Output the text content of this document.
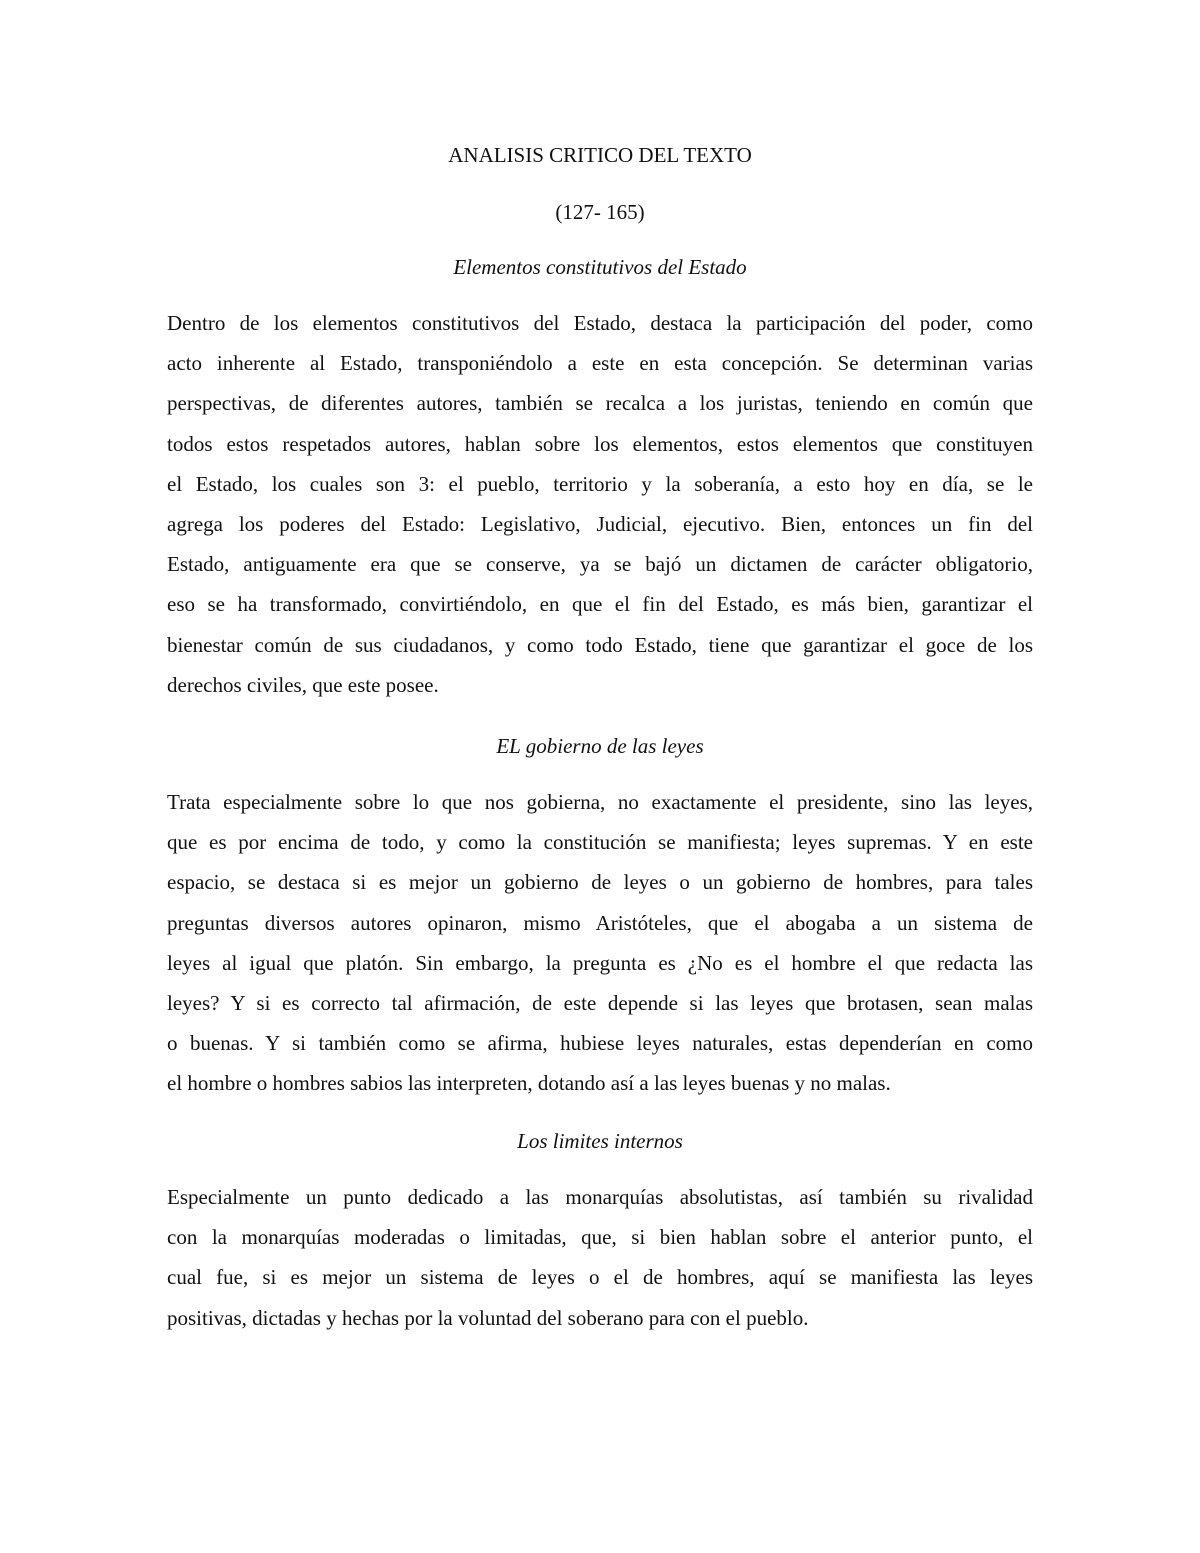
ANALISIS CRITICO DEL TEXTO

(127- 165)

Elementos constitutivos del Estado

Dentro de los elementos constitutivos del Estado, destaca la participación del poder, como
acto inherente al Estado, transponiéndolo a este en esta concepción. Se determinan varias
perspectivas, de diferentes autores, también se recalca a los juristas, teniendo en común que
todos estos respetados autores, hablan sobre los elementos, estos elementos que constituyen
el Estado, los cuales son 3: el pueblo, territorio y la soberanía, a esto hoy en día, se le
agrega los poderes del Estado: Legislativo, Judicial, ejecutivo. Bien, entonces un fin del
Estado, antiguamente era que se conserve, ya se bajó un dictamen de carácter obligatorio,
eso se ha transformado, convirtiéndolo, en que el fin del Estado, es más bien, garantizar el
bienestar común de sus ciudadanos, y como todo Estado, tiene que garantizar el goce de los
derechos civiles, que este posee.

EL gobierno de las leyes

Trata especialmente sobre lo que nos gobierna, no exactamente el presidente, sino las leyes,
que es por encima de todo, y como la constitución se manifiesta; leyes supremas. Y en este
espacio, se destaca si es mejor un gobierno de leyes o un gobierno de hombres, para tales
preguntas diversos autores opinaron, mismo Aristóteles, que el abogaba a un sistema de
leyes al igual que platón. Sin embargo, la pregunta es ¿No es el hombre el que redacta las
leyes? Y si es correcto tal afirmación, de este depende si las leyes que brotasen, sean malas
o buenas. Y si también como se afirma, hubiese leyes naturales, estas dependerían en como
el hombre o hombres sabios las interpreten, dotando así a las leyes buenas y no malas.

Los limites internos

Especialmente un punto dedicado a las monarquías absolutistas, así también su rivalidad
con la monarquías moderadas o limitadas, que, si bien hablan sobre el anterior punto, el
cual fue, si es mejor un sistema de leyes o el de hombres, aquí se manifiesta las leyes
positivas, dictadas y hechas por la voluntad del soberano para con el pueblo.
